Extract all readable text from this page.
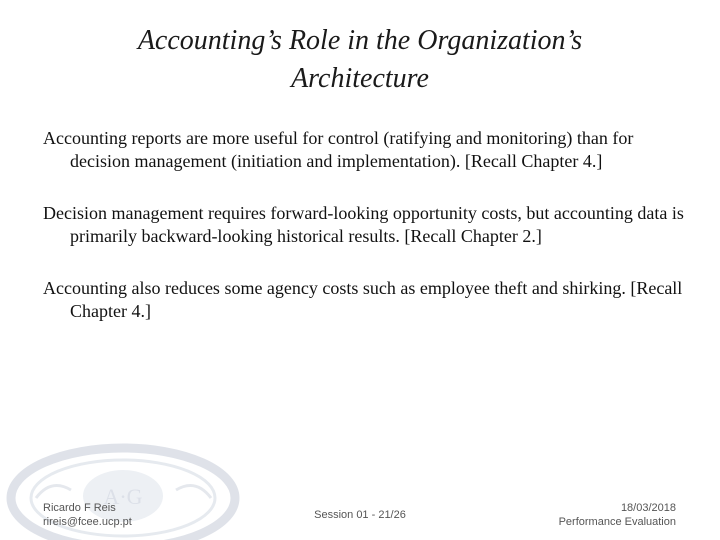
A·G
Accounting’s Role in the Organization’s
Architecture

Accounting reports are more useful for control (ratifying and monitoring) than for decision management (initiation and implementation). [Recall Chapter 4.]

Decision management requires forward-looking opportunity costs, but accounting data is primarily backward-looking historical results. [Recall Chapter 2.]

Accounting also reduces some agency costs such as employee theft and shirking. [Recall Chapter 4.]

Ricardo F Reis
rireis@fcee.ucp.pt
Session 01 - 21/26
18/03/2018
Performance Evaluation
